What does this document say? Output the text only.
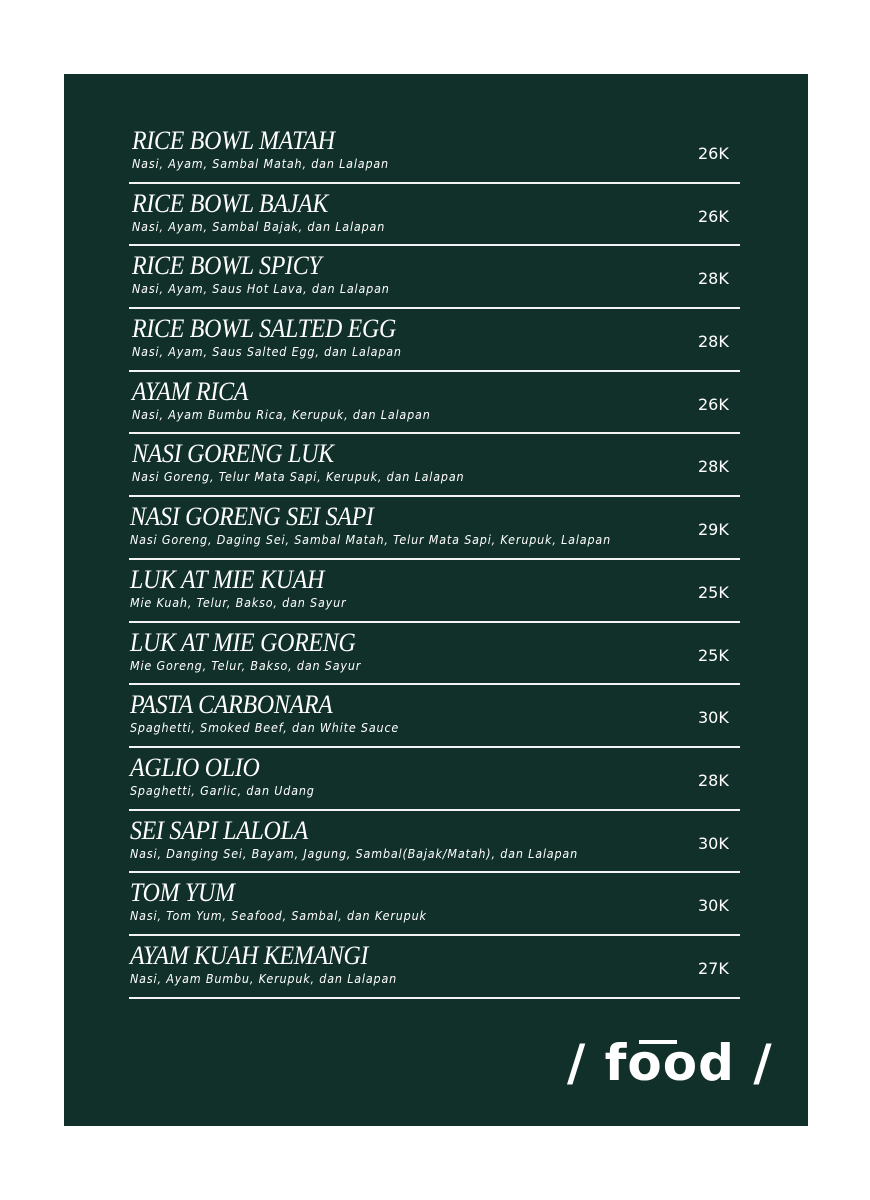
RICE BOWL MATAH
Nasi, Ayam, Sambal Matah, dan Lalapan
26K
RICE BOWL BAJAK
Nasi, Ayam, Sambal Bajak, dan Lalapan
26K
RICE BOWL SPICY
Nasi, Ayam, Saus Hot Lava, dan Lalapan
28K
RICE BOWL SALTED EGG
Nasi, Ayam, Saus Salted Egg, dan Lalapan
28K
AYAM RICA
Nasi, Ayam Bumbu Rica, Kerupuk, dan Lalapan
26K
NASI GORENG LUK
Nasi Goreng, Telur Mata Sapi, Kerupuk, dan Lalapan
28K
NASI GORENG SEI SAPI
Nasi Goreng, Daging Sei, Sambal Matah, Telur Mata Sapi, Kerupuk, Lalapan
29K
LUK AT MIE KUAH
Mie Kuah, Telur, Bakso, dan Sayur
25K
LUK AT MIE GORENG
Mie Goreng, Telur, Bakso, dan Sayur
25K
PASTA CARBONARA
Spaghetti, Smoked Beef, dan White Sauce
30K
AGLIO OLIO
Spaghetti, Garlic, dan Udang
28K
SEI SAPI LALOLA
Nasi, Danging Sei, Bayam, Jagung, Sambal(Bajak/Matah), dan Lalapan
30K
TOM YUM
Nasi, Tom Yum, Seafood, Sambal, dan Kerupuk
30K
AYAM KUAH KEMANGI
Nasi, Ayam Bumbu, Kerupuk, dan Lalapan
27K
/ food /
